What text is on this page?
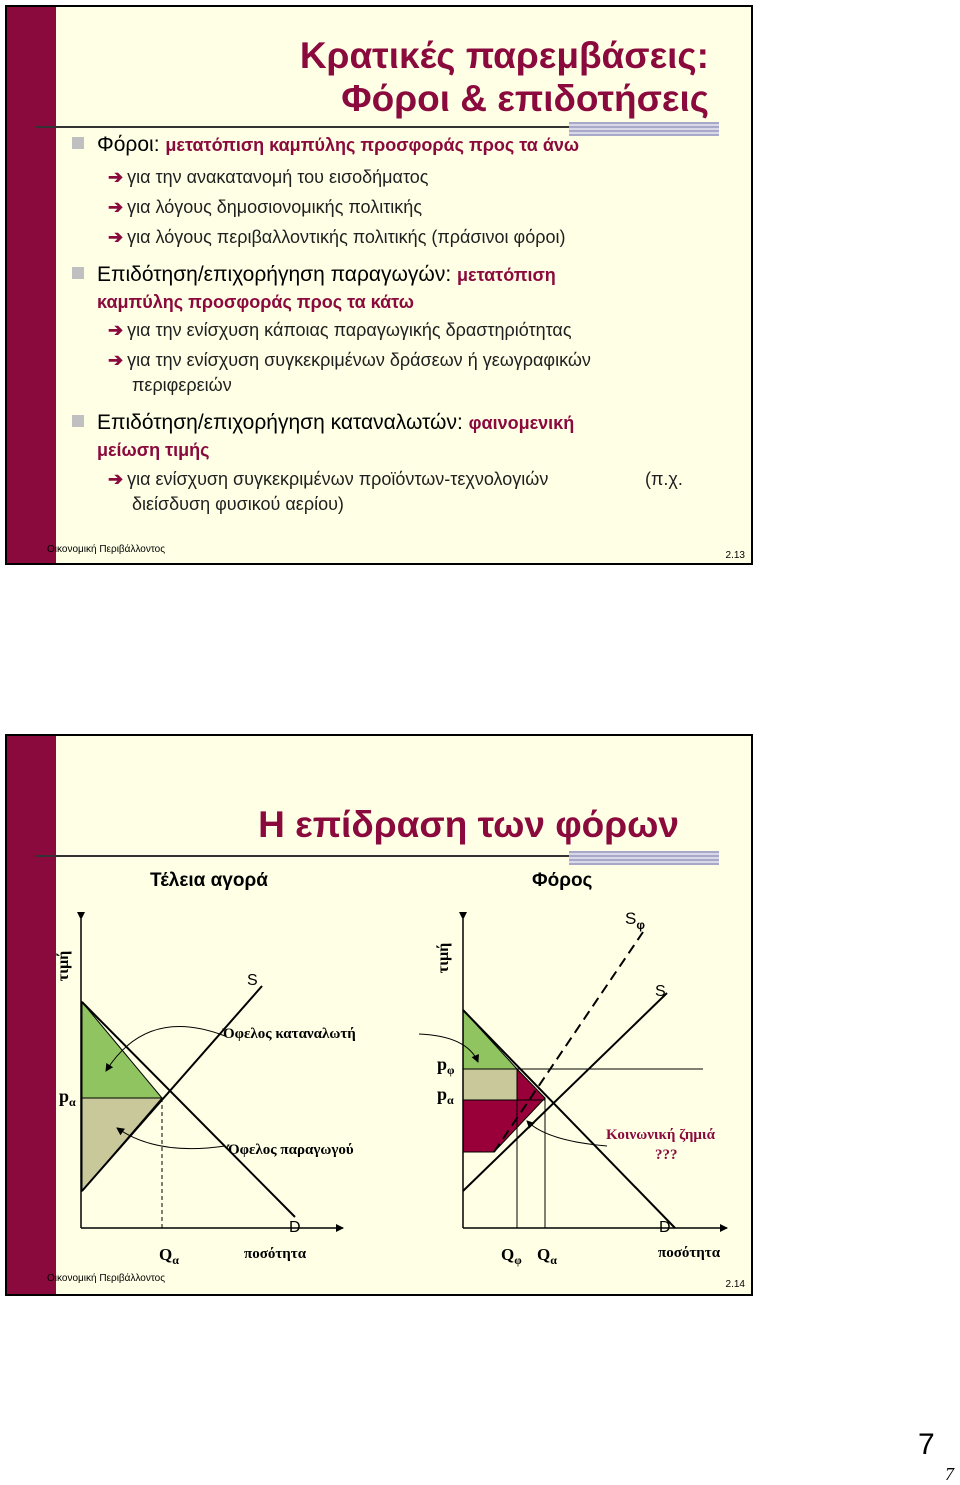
Κρατικές παρεμβάσεις:
Φόροι & επιδοτήσεις
Φόροι: μετατόπιση καμπύλης προσφοράς προς τα άνω
➔ για την ανακατανομή του εισοδήματος
➔ για λόγους δημοσιονομικής πολιτικής
➔ για λόγους περιβαλλοντικής πολιτικής (πράσινοι φόροι)
Επιδότηση/επιχορήγηση παραγωγών: μετατόπιση
καμπύλης προσφοράς προς τα κάτω
➔ για την ενίσχυση κάποιας παραγωγικής δραστηριότητας
➔ για την ενίσχυση συγκεκριμένων δράσεων ή γεωγραφικών
περιφερειών
Επιδότηση/επιχορήγηση καταναλωτών: φαινομενική
μείωση τιμής
➔ για ενίσχυση συγκεκριμένων προϊόντων-τεχνολογιών	(π.χ.
διείσδυση φυσικού αερίου)
Οικονομική Περιβάλλοντος
2.13
Η επίδραση των φόρων
Τέλεια αγορά	Φόρος
τιμή	S
D
Όφελος καταναλωτή
Όφελος παραγωγού
$p_\alpha$
$Q_\alpha$	ποσότητα
τιμή
$S_\varphi$
S
D
$p_\varphi$
$p_\alpha$
Κοινωνική ζημιά
???
$Q_\varphi$ $Q_\alpha$	ποσότητα
Οικονομική Περιβάλλοντος
2.14
7
7
